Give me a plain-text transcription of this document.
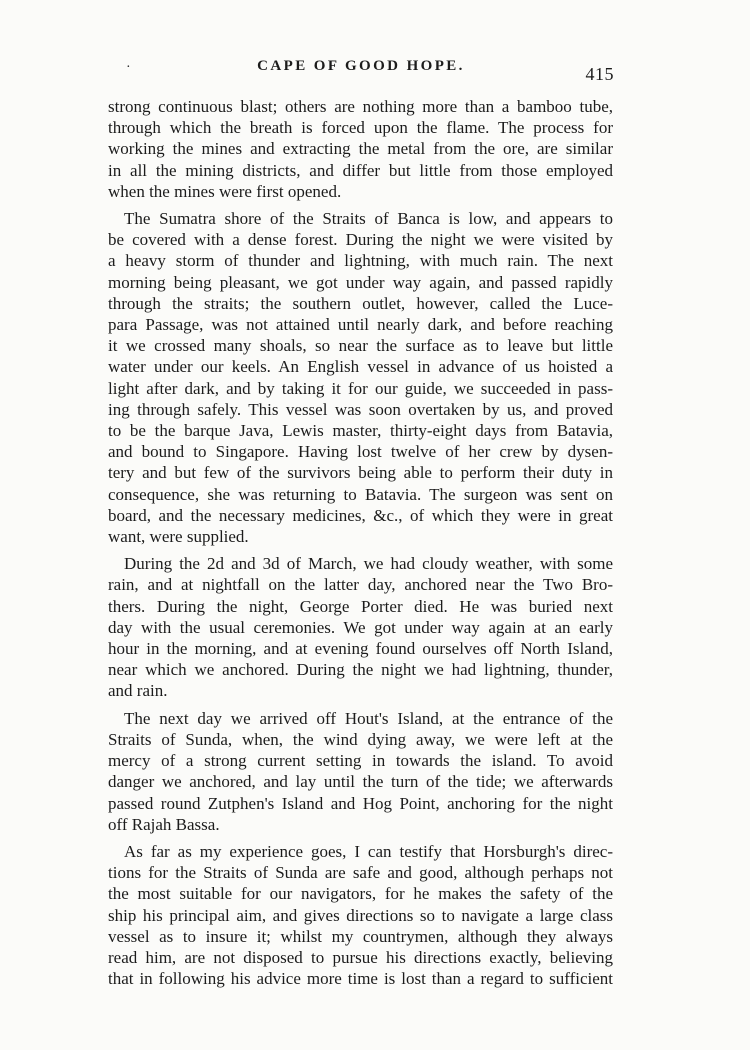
·	CAPE OF GOOD HOPE.	415
strong continuous blast; others are nothing more than a bamboo tube,
through which the breath is forced upon the flame. The process for
working the mines and extracting the metal from the ore, are similar
in all the mining districts, and differ but little from those employed
when the mines were first opened.
The Sumatra shore of the Straits of Banca is low, and appears to
be covered with a dense forest. During the night we were visited by
a heavy storm of thunder and lightning, with much rain. The next
morning being pleasant, we got under way again, and passed rapidly
through the straits; the southern outlet, however, called the Luce-
para Passage, was not attained until nearly dark, and before reaching
it we crossed many shoals, so near the surface as to leave but little
water under our keels. An English vessel in advance of us hoisted a
light after dark, and by taking it for our guide, we succeeded in pass-
ing through safely. This vessel was soon overtaken by us, and proved
to be the barque Java, Lewis master, thirty-eight days from Batavia,
and bound to Singapore. Having lost twelve of her crew by dysen-
tery and but few of the survivors being able to perform their duty in
consequence, she was returning to Batavia. The surgeon was sent on
board, and the necessary medicines, &c., of which they were in great
want, were supplied.
During the 2d and 3d of March, we had cloudy weather, with some
rain, and at nightfall on the latter day, anchored near the Two Bro-
thers. During the night, George Porter died. He was buried next
day with the usual ceremonies. We got under way again at an early
hour in the morning, and at evening found ourselves off North Island,
near which we anchored. During the night we had lightning, thunder,
and rain.
The next day we arrived off Hout's Island, at the entrance of the
Straits of Sunda, when, the wind dying away, we were left at the
mercy of a strong current setting in towards the island. To avoid
danger we anchored, and lay until the turn of the tide; we afterwards
passed round Zutphen's Island and Hog Point, anchoring for the night
off Rajah Bassa.
As far as my experience goes, I can testify that Horsburgh's direc-
tions for the Straits of Sunda are safe and good, although perhaps not
the most suitable for our navigators, for he makes the safety of the
ship his principal aim, and gives directions so to navigate a large class
vessel as to insure it; whilst my countrymen, although they always
read him, are not disposed to pursue his directions exactly, believing
that in following his advice more time is lost than a regard to sufficient
